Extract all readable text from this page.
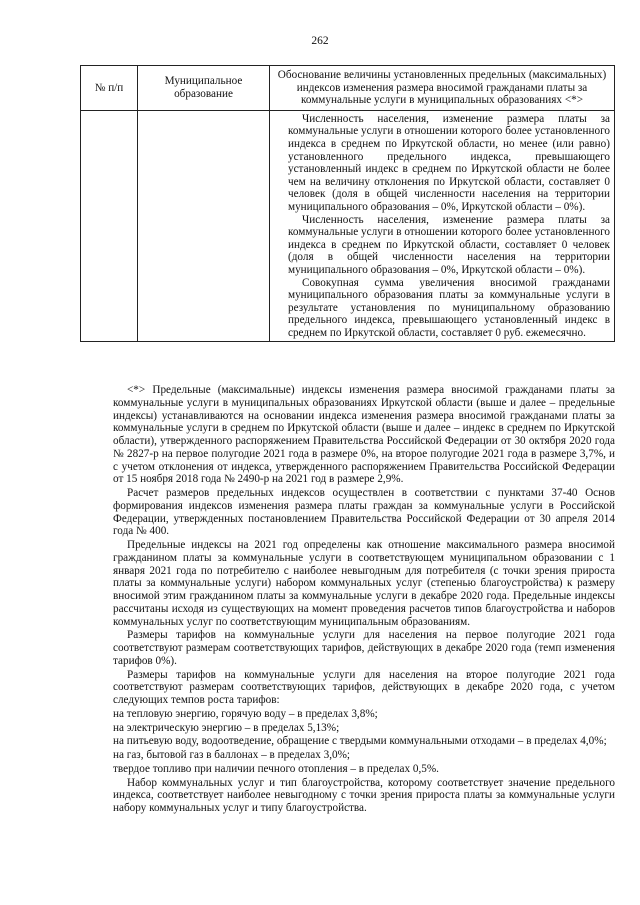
262
№ п/п	Муниципальное образование	Обоснование величины установленных предельных (максимальных) индексов изменения размера вносимой гражданами платы за коммунальные услуги в муниципальных образованиях <*>

		Численность населения, изменение размера платы за коммунальные услуги в отношении которого более установленного индекса в среднем по Иркутской области, но менее (или равно) установленного предельного индекса, превышающего установленный индекс в среднем по Иркутской области не более чем на величину отклонения по Иркутской области, составляет 0 человек (доля в общей численности населения на территории муниципального образования – 0%, Иркутской области – 0%).

Численность населения, изменение размера платы за коммунальные услуги в отношении которого более установленного индекса в среднем по Иркутской области, составляет 0 человек (доля в общей численности населения на территории муниципального образования – 0%, Иркутской области – 0%).

Совокупная сумма увеличения вносимой гражданами муниципального образования платы за коммунальные услуги в результате установления по муниципальному образованию предельного индекса, превышающего установленный индекс в среднем по Иркутской области, составляет 0 руб. ежемесячно.

<*> Предельные (максимальные) индексы изменения размера вносимой гражданами платы за коммунальные услуги в муниципальных образованиях Иркутской области (выше и далее – предельные индексы) устанавливаются на основании индекса изменения размера вносимой гражданами платы за коммунальные услуги в среднем по Иркутской области (выше и далее – индекс в среднем по Иркутской области), утвержденного распоряжением Правительства Российской Федерации от 30 октября 2020 года № 2827-р на первое полугодие 2021 года в размере 0%, на второе полугодие 2021 года в размере 3,7%, и с учетом отклонения от индекса, утвержденного распоряжением Правительства Российской Федерации от 15 ноября 2018 года № 2490-р на 2021 год в размере 2,9%.

Расчет размеров предельных индексов осуществлен в соответствии с пунктами 37-40 Основ формирования индексов изменения размера платы граждан за коммунальные услуги в Российской Федерации, утвержденных постановлением Правительства Российской Федерации от 30 апреля 2014 года № 400.

Предельные индексы на 2021 год определены как отношение максимального размера вносимой гражданином платы за коммунальные услуги в соответствующем муниципальном образовании с 1 января 2021 года по потребителю с наиболее невыгодным для потребителя (с точки зрения прироста платы за коммунальные услуги) набором коммунальных услуг (степенью благоустройства) к размеру вносимой этим гражданином платы за коммунальные услуги в декабре 2020 года. Предельные индексы рассчитаны исходя из существующих на момент проведения расчетов типов благоустройства и наборов коммунальных услуг по соответствующим муниципальным образованиям.

Размеры тарифов на коммунальные услуги для населения на первое полугодие 2021 года соответствуют размерам соответствующих тарифов, действующих в декабре 2020 года (темп изменения тарифов 0%).

Размеры тарифов на коммунальные услуги для населения на второе полугодие 2021 года соответствуют размерам соответствующих тарифов, действующих в декабре 2020 года, с учетом следующих темпов роста тарифов:

на тепловую энергию, горячую воду – в пределах 3,8%;

на электрическую энергию – в пределах 5,13%;

на питьевую воду, водоотведение, обращение с твердыми коммунальными отходами – в пределах 4,0%;

на газ, бытовой газ в баллонах – в пределах 3,0%;

твердое топливо при наличии печного отопления – в пределах 0,5%.

Набор коммунальных услуг и тип благоустройства, которому соответствует значение предельного индекса, соответствует наиболее невыгодному с точки зрения прироста платы за коммунальные услуги набору коммунальных услуг и типу благоустройства.
